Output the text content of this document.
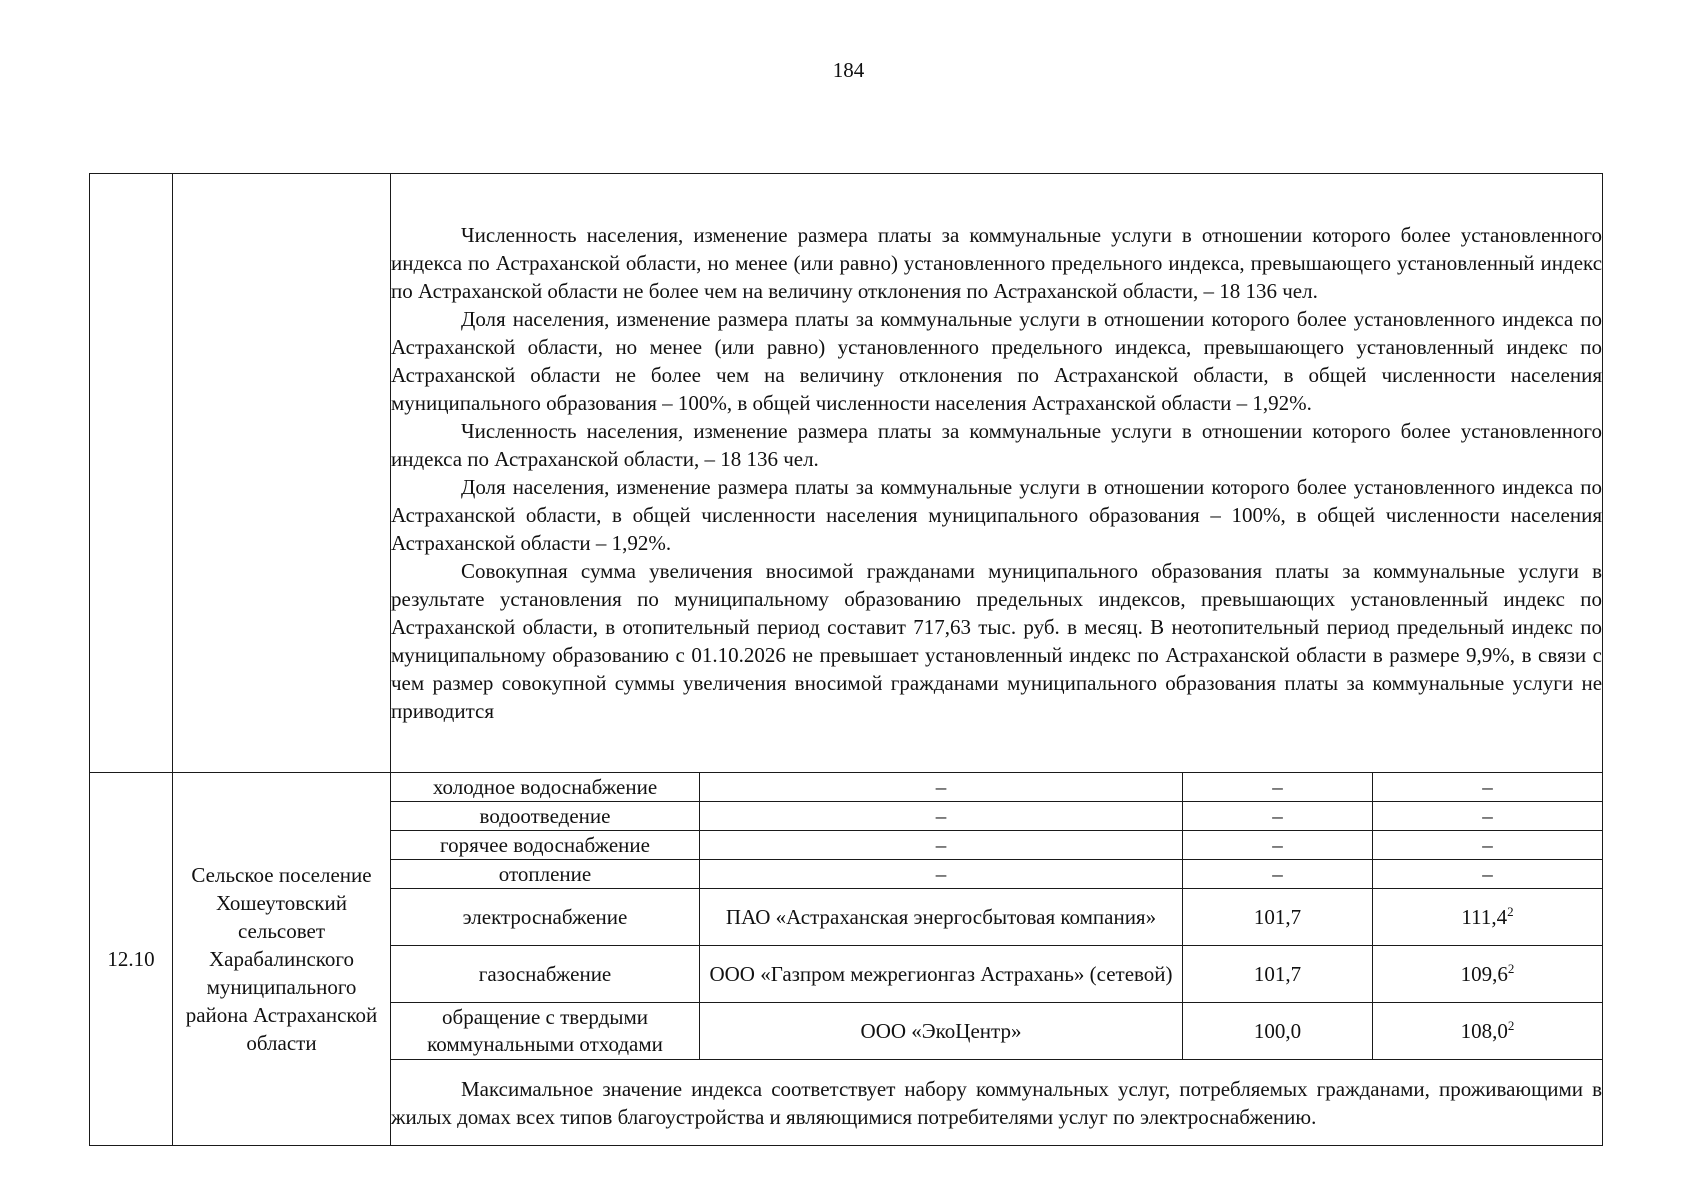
184

		Численность населения, изменение размера платы за коммунальные услуги в отношении которого более установленного индекса по Астраханской области, но менее (или равно) установленного предельного индекса, превышающего установленный индекс по Астраханской области не более чем на величину отклонения по Астраханской области, – 18 136 чел.

Доля населения, изменение размера платы за коммунальные услуги в отношении которого более установленного индекса по Астраханской области, но менее (или равно) установленного предельного индекса, превышающего установленный индекс по Астраханской области не более чем на величину отклонения по Астраханской области, в общей численности населения муниципального образования – 100%, в общей численности населения Астраханской области – 1,92%.

Численность населения, изменение размера платы за коммунальные услуги в отношении которого более установленного индекса по Астраханской области, – 18 136 чел.

Доля населения, изменение размера платы за коммунальные услуги в отношении которого более установленного индекса по Астраханской области, в общей численности населения муниципального образования – 100%, в общей численности населения Астраханской области – 1,92%.

Совокупная сумма увеличения вносимой гражданами муниципального образования платы за коммунальные услуги в результате установления по муниципальному образованию предельных индексов, превышающих установленный индекс по Астраханской области, в отопительный период составит 717,63 тыс. руб. в месяц. В неотопительный период предельный индекс по муниципальному образованию с 01.10.2026 не превышает установленный индекс по Астраханской области в размере 9,9%, в связи с чем размер совокупной суммы увеличения вносимой гражданами муниципального образования платы за коммунальные услуги не приводится			

12.10	Сельское поселение Хошеутовский сельсовет Харабалинского муниципального района Астраханской области	холодное водоснабжение	–	–	–
		водоотведение	–	–	–
		горячее водоснабжение	–	–	–
		отопление	–	–	–
		электроснабжение	ПАО «Астраханская энергосбытовая компания»	101,7	111,4$^2$
		газоснабжение	ООО «Газпром межрегионгаз Астрахань» (сетевой)	101,7	109,6$^2$
		обращение с твердыми коммунальными отходами	ООО «ЭкоЦентр»	100,0	108,0$^2$

		Максимальное значение индекса соответствует набору коммунальных услуг, потребляемых гражданами, проживающими в жилых домах всех типов благоустройства и являющимися потребителями услуг по электроснабжению.			
